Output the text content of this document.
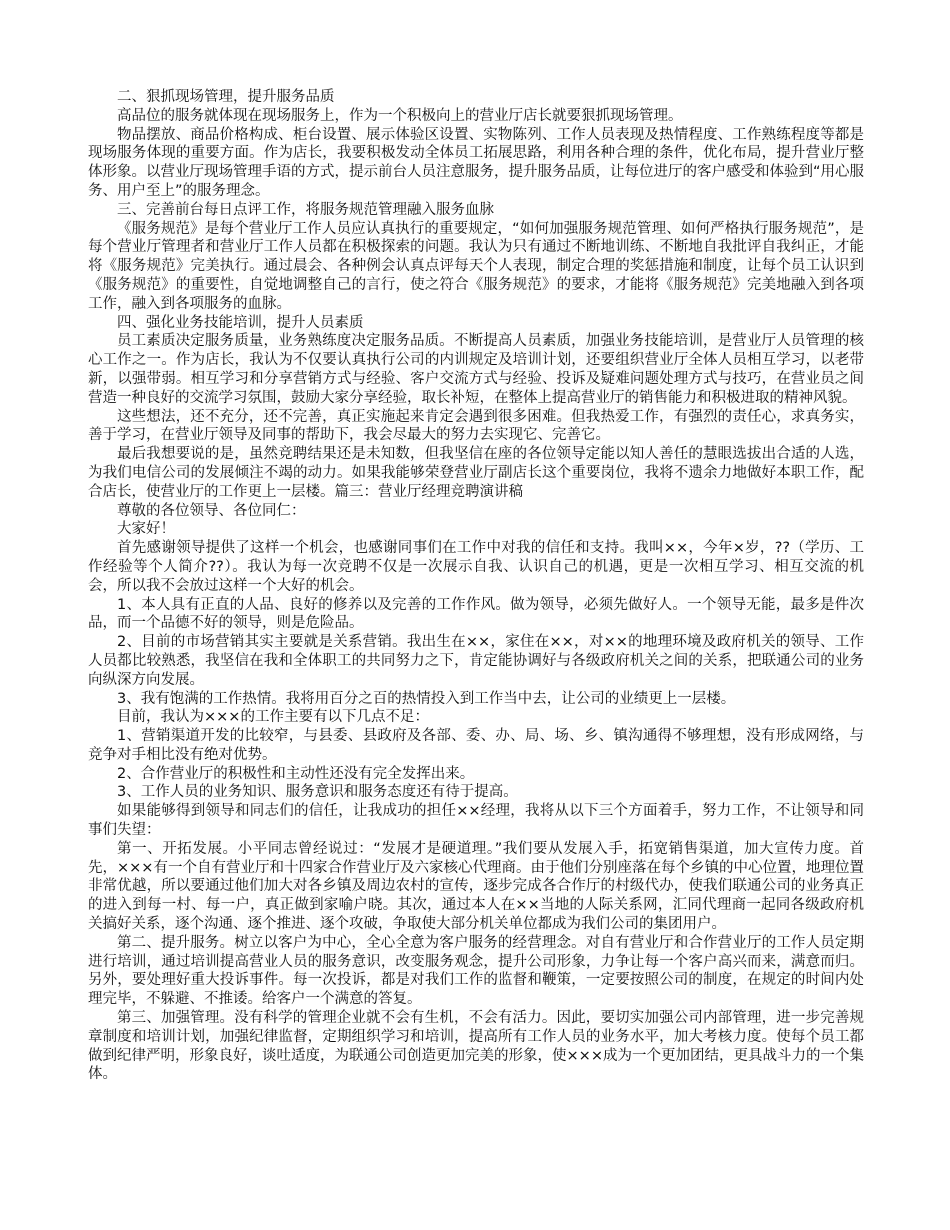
二、狠抓现场管理，提升服务品质

高品位的服务就体现在现场服务上，作为一个积极向上的营业厅店长就要狠抓现场管理。

物品摆放、商品价格构成、柜台设置、展示体验区设置、实物陈列、工作人员表现及热情程度、工作熟练程度等都是现场服务体现的重要方面。作为店长，我要积极发动全体员工拓展思路，利用各种合理的条件，优化布局，提升营业厅整体形象。以营业厅现场管理手语的方式，提示前台人员注意服务，提升服务品质，让每位进厅的客户感受和体验到“用心服务、用户至上”的服务理念。

三、完善前台每日点评工作，将服务规范管理融入服务血脉

《服务规范》是每个营业厅工作人员应认真执行的重要规定，“如何加强服务规范管理、如何严格执行服务规范”，是每个营业厅管理者和营业厅工作人员都在积极探索的问题。我认为只有通过不断地训练、不断地自我批评自我纠正，才能将《服务规范》完美执行。通过晨会、各种例会认真点评每天个人表现，制定合理的奖惩措施和制度，让每个员工认识到《服务规范》的重要性，自觉地调整自己的言行，使之符合《服务规范》的要求，才能将《服务规范》完美地融入到各项工作，融入到各项服务的血脉。

四、强化业务技能培训，提升人员素质

员工素质决定服务质量，业务熟练度决定服务品质。不断提高人员素质，加强业务技能培训，是营业厅人员管理的核心工作之一。作为店长，我认为不仅要认真执行公司的内训规定及培训计划，还要组织营业厅全体人员相互学习，以老带新，以强带弱。相互学习和分享营销方式与经验、客户交流方式与经验、投诉及疑难问题处理方式与技巧，在营业员之间营造一种良好的交流学习氛围，鼓励大家分享经验，取长补短，在整体上提高营业厅的销售能力和积极进取的精神风貌。

这些想法，还不充分，还不完善，真正实施起来肯定会遇到很多困难。但我热爱工作，有强烈的责任心，求真务实，善于学习，在营业厅领导及同事的帮助下，我会尽最大的努力去实现它、完善它。

最后我想要说的是，虽然竞聘结果还是未知数，但我坚信在座的各位领导定能以知人善任的慧眼选拔出合适的人选，为我们电信公司的发展倾注不竭的动力。如果我能够荣登营业厅副店长这个重要岗位，我将不遗余力地做好本职工作，配合店长，使营业厅的工作更上一层楼。篇三：营业厅经理竞聘演讲稿

尊敬的各位领导、各位同仁：

大家好！

首先感谢领导提供了这样一个机会，也感谢同事们在工作中对我的信任和支持。我叫××，今年×岁，??（学历、工作经验等个人简介??）。我认为每一次竞聘不仅是一次展示自我、认识自己的机遇，更是一次相互学习、相互交流的机会，所以我不会放过这样一个大好的机会。

1、本人具有正直的人品、良好的修养以及完善的工作作风。做为领导，必须先做好人。一个领导无能，最多是件次品，而一个品德不好的领导，则是危险品。

2、目前的市场营销其实主要就是关系营销。我出生在××，家住在××，对××的地理环境及政府机关的领导、工作人员都比较熟悉，我坚信在我和全体职工的共同努力之下，肯定能协调好与各级政府机关之间的关系，把联通公司的业务向纵深方向发展。

3、我有饱满的工作热情。我将用百分之百的热情投入到工作当中去，让公司的业绩更上一层楼。

目前，我认为×××的工作主要有以下几点不足：

1、营销渠道开发的比较窄，与县委、县政府及各部、委、办、局、场、乡、镇沟通得不够理想，没有形成网络，与竞争对手相比没有绝对优势。

2、合作营业厅的积极性和主动性还没有完全发挥出来。

3、工作人员的业务知识、服务意识和服务态度还有待于提高。

如果能够得到领导和同志们的信任，让我成功的担任××经理，我将从以下三个方面着手，努力工作，不让领导和同事们失望：

第一、开拓发展。小平同志曾经说过：“发展才是硬道理。”我们要从发展入手，拓宽销售渠道，加大宣传力度。首先，×××有一个自有营业厅和十四家合作营业厅及六家核心代理商。由于他们分别座落在每个乡镇的中心位置，地理位置非常优越，所以要通过他们加大对各乡镇及周边农村的宣传，逐步完成各合作厅的村级代办，使我们联通公司的业务真正的进入到每一村、每一户，真正做到家喻户晓。其次，通过本人在××当地的人际关系网，汇同代理商一起同各级政府机关搞好关系，逐个沟通、逐个推进、逐个攻破，争取使大部分机关单位都成为我们公司的集团用户。

第二、提升服务。树立以客户为中心，全心全意为客户服务的经营理念。对自有营业厅和合作营业厅的工作人员定期进行培训，通过培训提高营业人员的服务意识，改变服务观念，提升公司形象，力争让每一个客户高兴而来，满意而归。另外，要处理好重大投诉事件。每一次投诉，都是对我们工作的监督和鞭策，一定要按照公司的制度，在规定的时间内处理完毕，不躲避、不推诿。给客户一个满意的答复。

第三、加强管理。没有科学的管理企业就不会有生机，不会有活力。因此，要切实加强公司内部管理，进一步完善规章制度和培训计划，加强纪律监督，定期组织学习和培训，提高所有工作人员的业务水平，加大考核力度。使每个员工都做到纪律严明，形象良好，谈吐适度，为联通公司创造更加完美的形象，使×××成为一个更加团结，更具战斗力的一个集体。
